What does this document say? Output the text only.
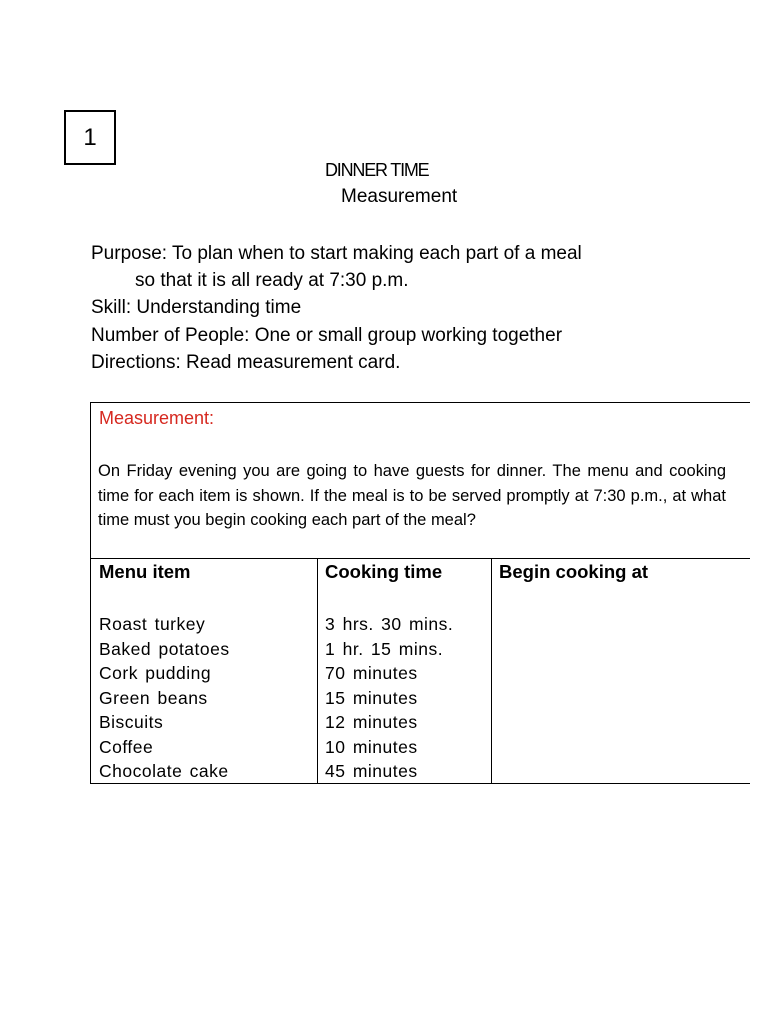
1
DINNER TIME
Measurement
Purpose: To plan when to start making each part of a meal
so that it is all ready at 7:30 p.m.
Skill: Understanding time
Number of People: One or small group working together
Directions: Read measurement card.
Measurement:
On Friday evening you are going to have guests for dinner. The menu and cooking time for each item is shown. If the meal is to be served promptly at 7:30 p.m., at what time must you begin cooking each part of the meal?
Menu item	Cooking time	Begin cooking at
Roast turkey
Baked potatoes
Cork pudding
Green beans
Biscuits
Coffee
Chocolate cake
3 hrs. 30 mins.
1 hr. 15 mins.
70 minutes
15 minutes
12 minutes
10 minutes
45 minutes
